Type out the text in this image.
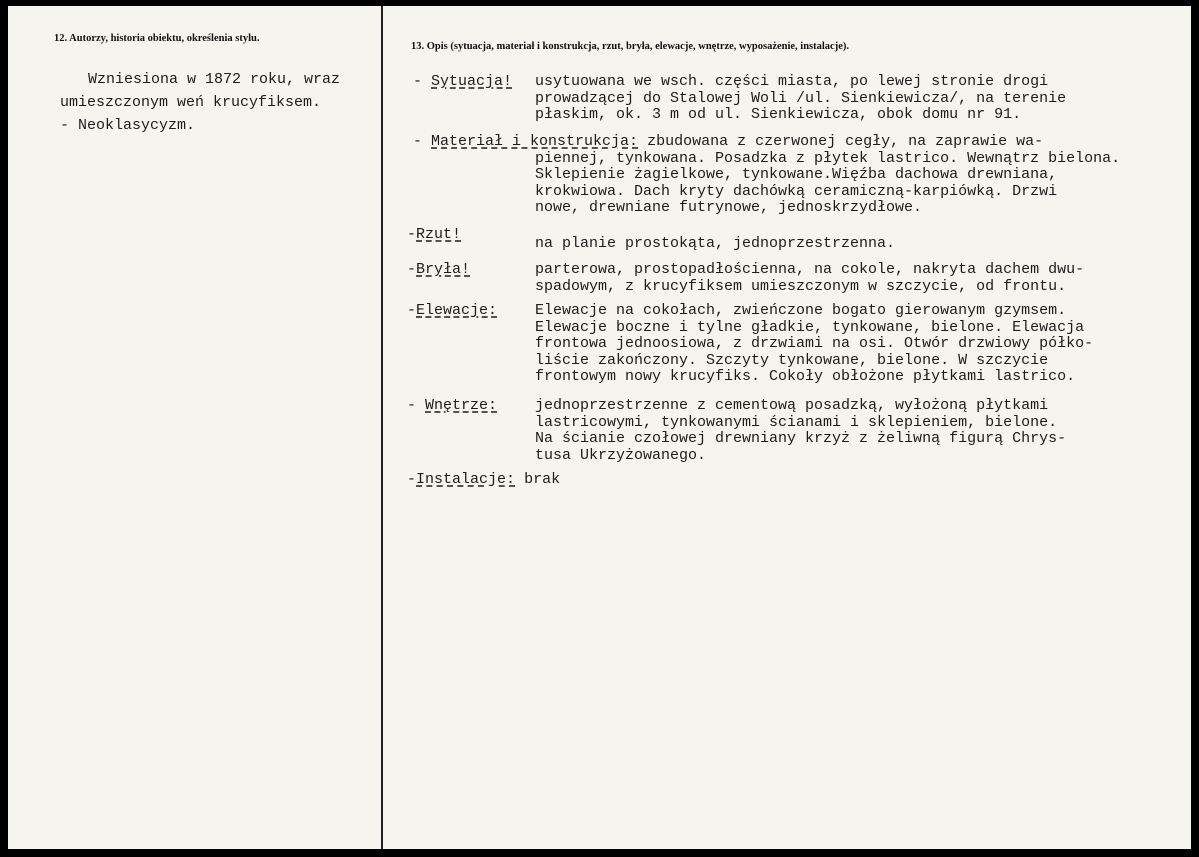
12. Autorzy, historia obiektu, określenia stylu.
Wzniesiona w 1872 roku, wraz
umieszczonym weń krucyfiksem.
- Neoklasycyzm.
13. Opis (sytuacja, materiał i konstrukcja, rzut, bryła, elewacje, wnętrze, wyposażenie, instalacje).
- Sytuacja! usytuowana we wsch. części miasta, po lewej stronie drogi
prowadzącej do Stalowej Woli /ul. Sienkiewicza/, na terenie
płaskim, ok. 3 m od ul. Sienkiewicza, obok domu nr 91.
- Materiał i konstrukcja: zbudowana z czerwonej cegły, na zaprawie wa-
piennej, tynkowana. Posadzka z płytek lastrico. Wewnątrz bielona.
Sklepienie żagielkowe, tynkowane.Więźba dachowa drewniana,
krokwiowa. Dach kryty dachówką ceramiczną-karpiówką. Drzwi
nowe, drewniane futrynowe, jednoskrzydłowe.
-Rzut!
na planie prostokąta, jednoprzestrzenna.
-Bryła!	parterowa, prostopadłościenna, na cokole, nakryta dachem dwu-
spadowym, z krucyfiksem umieszczonym w szczycie, od frontu.
-Elewacje:	Elewacje na cokołach, zwieńczone bogato gierowanym gzymsem.
Elewacje boczne i tylne gładkie, tynkowane, bielone. Elewacja
frontowa jednoosiowa, z drzwiami na osi. Otwór drzwiowy półko-
liście zakończony. Szczyty tynkowane, bielone. W szczycie
frontowym nowy krucyfiks. Cokoły obłożone płytkami lastrico.
- Wnętrze:	jednoprzestrzenne z cementową posadzką, wyłożoną płytkami
lastricowymi, tynkowanymi ścianami i sklepieniem, bielone.
Na ścianie czołowej drewniany krzyż z żeliwną figurą Chrys-
tusa Ukrzyżowanego.
-Instalacje: brak
